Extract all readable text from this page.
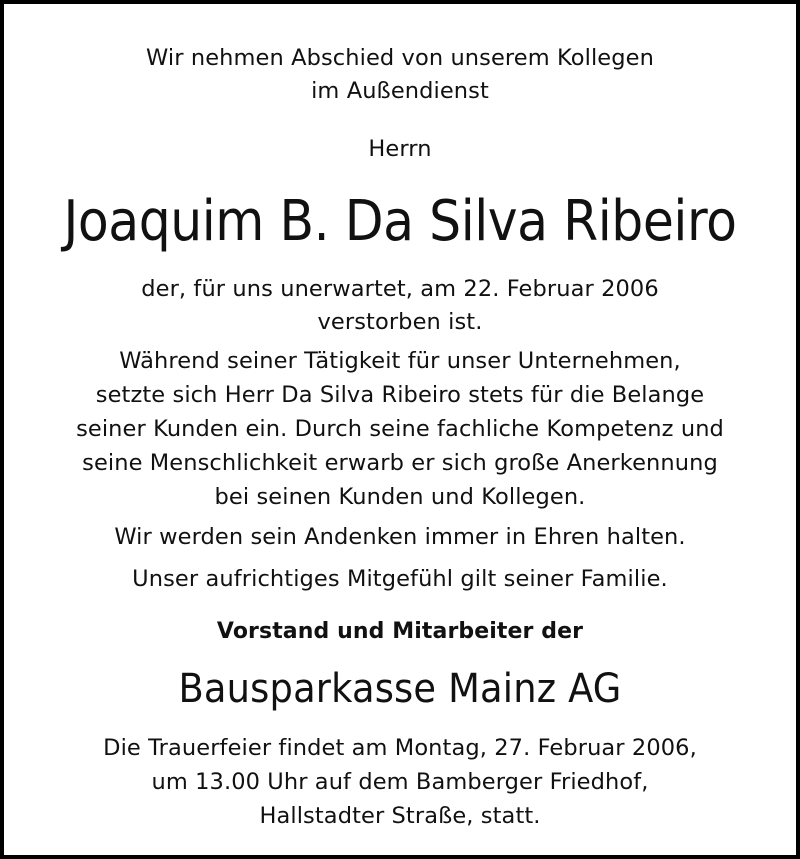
Wir nehmen Abschied von unserem Kollegen
im Außendienst
Herrn
Joaquim B. Da Silva Ribeiro
der, für uns unerwartet, am 22. Februar 2006
verstorben ist.
Während seiner Tätigkeit für unser Unternehmen,
setzte sich Herr Da Silva Ribeiro stets für die Belange
seiner Kunden ein. Durch seine fachliche Kompetenz und
seine Menschlichkeit erwarb er sich große Anerkennung
bei seinen Kunden und Kollegen.
Wir werden sein Andenken immer in Ehren halten.
Unser aufrichtiges Mitgefühl gilt seiner Familie.
Vorstand und Mitarbeiter der
Bausparkasse Mainz AG
Die Trauerfeier findet am Montag, 27. Februar 2006,
um 13.00 Uhr auf dem Bamberger Friedhof,
Hallstadter Straße, statt.
